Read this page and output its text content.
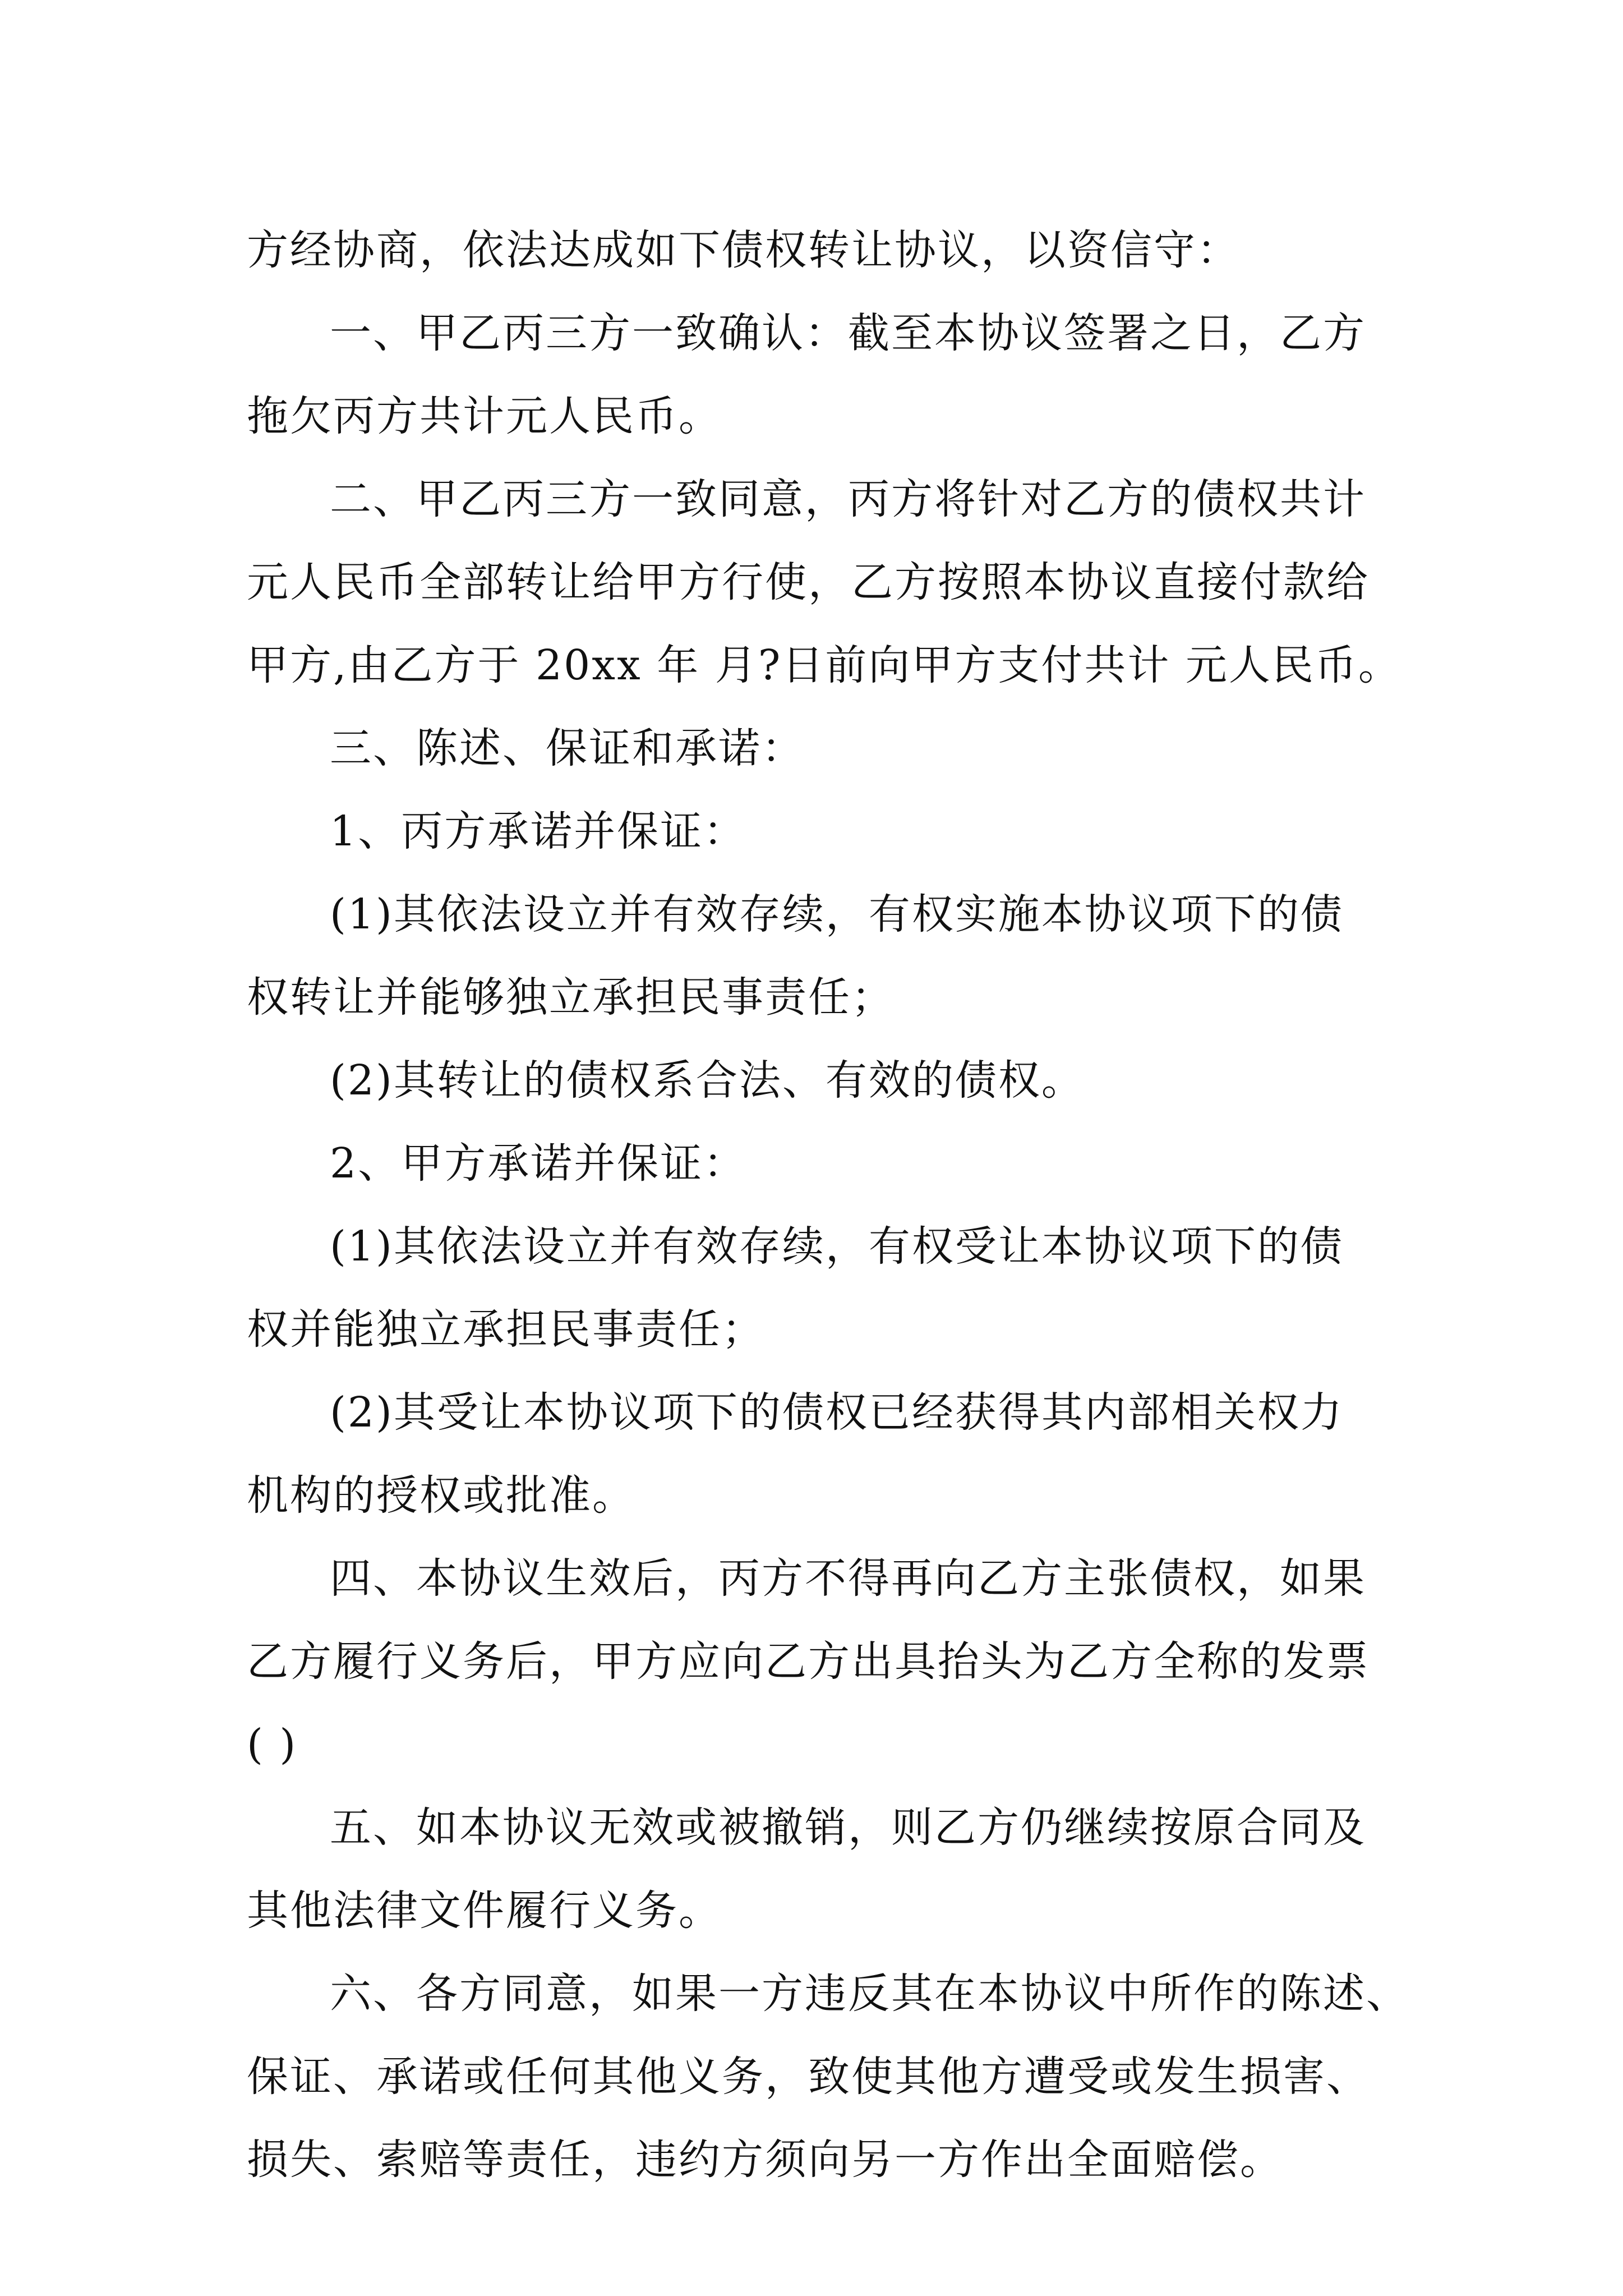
方经协商，依法达成如下债权转让协议，以资信守：

一、甲乙丙三方一致确认：截至本协议签署之日，乙方

拖欠丙方共计元人民币。

二、甲乙丙三方一致同意，丙方将针对乙方的债权共计

元人民币全部转让给甲方行使，乙方按照本协议直接付款给

甲方,由乙方于 20xx 年 月?日前向甲方支付共计 元人民币。

三、陈述、保证和承诺：

1、丙方承诺并保证：

(1)其依法设立并有效存续，有权实施本协议项下的债

权转让并能够独立承担民事责任；

(2)其转让的债权系合法、有效的债权。

2、甲方承诺并保证：

(1)其依法设立并有效存续，有权受让本协议项下的债

权并能独立承担民事责任；

(2)其受让本协议项下的债权已经获得其内部相关权力

机构的授权或批准。

四、本协议生效后，丙方不得再向乙方主张债权，如果

乙方履行义务后，甲方应向乙方出具抬头为乙方全称的发票

( )

五、如本协议无效或被撤销，则乙方仍继续按原合同及

其他法律文件履行义务。

六、各方同意，如果一方违反其在本协议中所作的陈述、

保证、承诺或任何其他义务，致使其他方遭受或发生损害、

损失、索赔等责任，违约方须向另一方作出全面赔偿。
